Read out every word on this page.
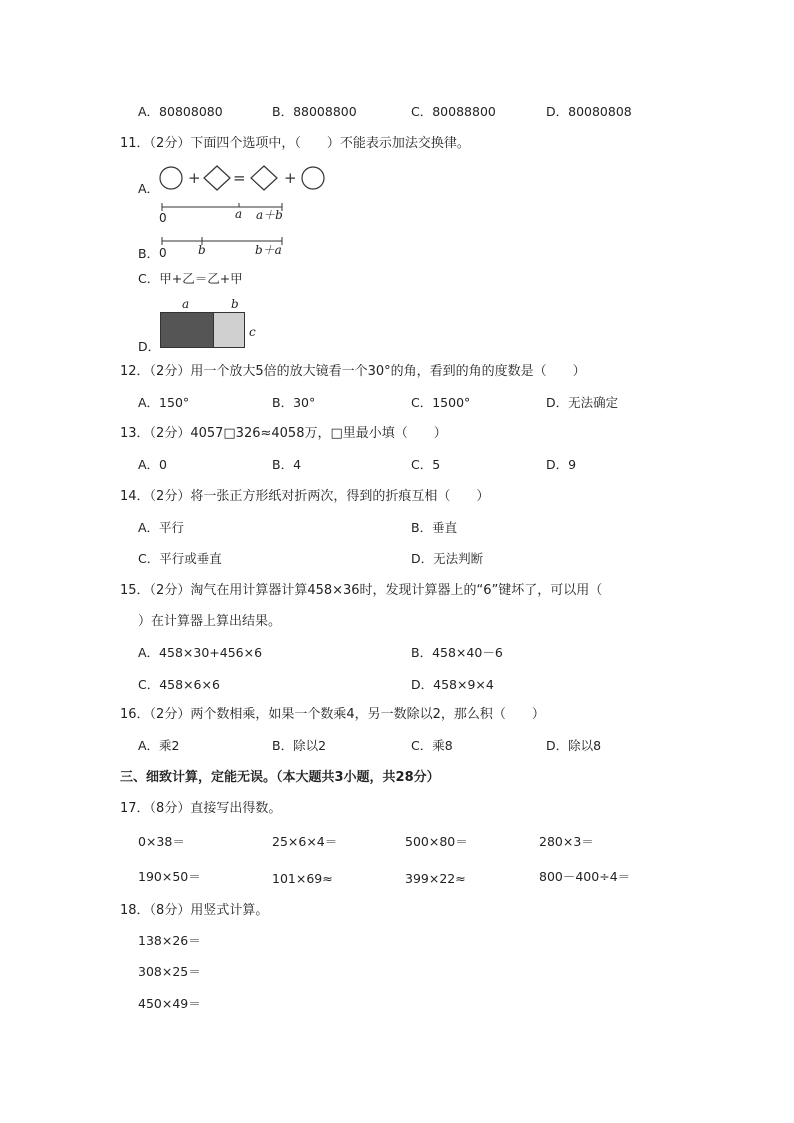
A．80808080	B．88008800	C．80088800	D．80080808
11．（2分）下面四个选项中，（　　）不能表示加法交换律。
A．
+ =	+
0	a a＋b
B． 0	b	b＋a
C．甲+乙＝乙+甲
a	b
c
D．
12．（2分）用一个放大5倍的放大镜看一个30°的角，看到的角的度数是（　　）
A．150°	B．30°	C．1500°	D．无法确定
13．（2分）4057□326≈4058万，□里最小填（　　）
A．0	B．4	C．5	D．9
14．（2分）将一张正方形纸对折两次，得到的折痕互相（　　）
A．平行	B．垂直
C．平行或垂直	D．无法判断
15．（2分）淘气在用计算器计算458×36时，发现计算器上的“6”键坏了，可以用（
）在计算器上算出结果。
A．458×30+456×6	B．458×40－6
C．458×6×6	D．458×9×4
16．（2分）两个数相乘，如果一个数乘4，另一数除以2，那么积（　　）
A．乘2	B．除以2	C．乘8	D．除以8
三、细致计算，定能无误。（本大题共3小题，共28分）
17．（8分）直接写出得数。
0×38＝	25×6×4＝	500×80＝	280×3＝
190×50＝	101×69≈	399×22≈	800－400÷4＝
18．（8分）用竖式计算。
138×26＝
308×25＝
450×49＝
